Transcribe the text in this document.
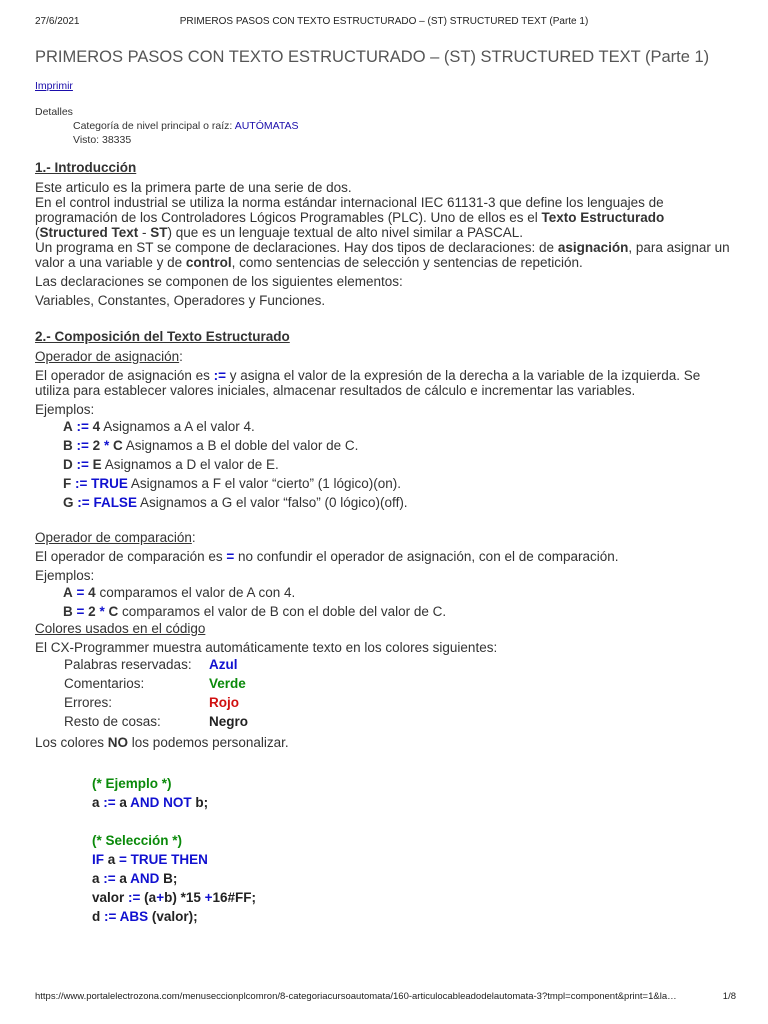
27/6/2021	PRIMEROS PASOS CON TEXTO ESTRUCTURADO – (ST) STRUCTURED TEXT (Parte 1)
PRIMEROS PASOS CON TEXTO ESTRUCTURADO – (ST) STRUCTURED TEXT (Parte 1)
Imprimir
Detalles
Categoría de nivel principal o raíz: AUTÓMATAS
Visto: 38335
1.- Introducción

Este articulo es la primera parte de una serie de dos.

En el control industrial se utiliza la norma estándar internacional IEC 61131-3 que define los lenguajes de programación de los Controladores Lógicos Programables (PLC). Uno de ellos es el Texto Estructurado (Structured Text - ST) que es un lenguaje textual de alto nivel similar a PASCAL.

Un programa en ST se compone de declaraciones. Hay dos tipos de declaraciones: de asignación, para asignar un valor a una variable y de control, como sentencias de selección y sentencias de repetición.

Las declaraciones se componen de los siguientes elementos:

Variables, Constantes, Operadores y Funciones.

2.- Composición del Texto Estructurado

Operador de asignación:

El operador de asignación es := y asigna el valor de la expresión de la derecha a la variable de la izquierda. Se utiliza para establecer valores iniciales, almacenar resultados de cálculo e incrementar las variables.

Ejemplos:

A := 4 Asignamos a A el valor 4.
B := 2 * C Asignamos a B el doble del valor de C.
D := E Asignamos a D el valor de E.
F := TRUE Asignamos a F el valor “cierto” (1 lógico)(on).
G := FALSE Asignamos a G el valor “falso” (0 lógico)(off).

Operador de comparación:

El operador de comparación es = no confundir el operador de asignación, con el de comparación.

Ejemplos:

A = 4 comparamos el valor de A con 4.
B = 2 * C comparamos el valor de B con el doble del valor de C.

Colores usados en el código

El CX-Programmer muestra automáticamente texto en los colores siguientes:

Palabras reservadas:	Azul
Comentarios:	Verde
Errores:	Rojo
Resto de cosas:	Negro

Los colores NO los podemos personalizar.

(* Ejemplo *)
a := a AND NOT b;
(* Selección *)
IF a = TRUE THEN
a := a AND B;
valor := (a+b) *15 +16#FF;
d := ABS (valor);
https://www.portalelectrozona.com/menuseccionplcomron/8-categoriacursoautomata/160-articulocableadodelautomata-3?tmpl=component&print=1&la…	1/8
